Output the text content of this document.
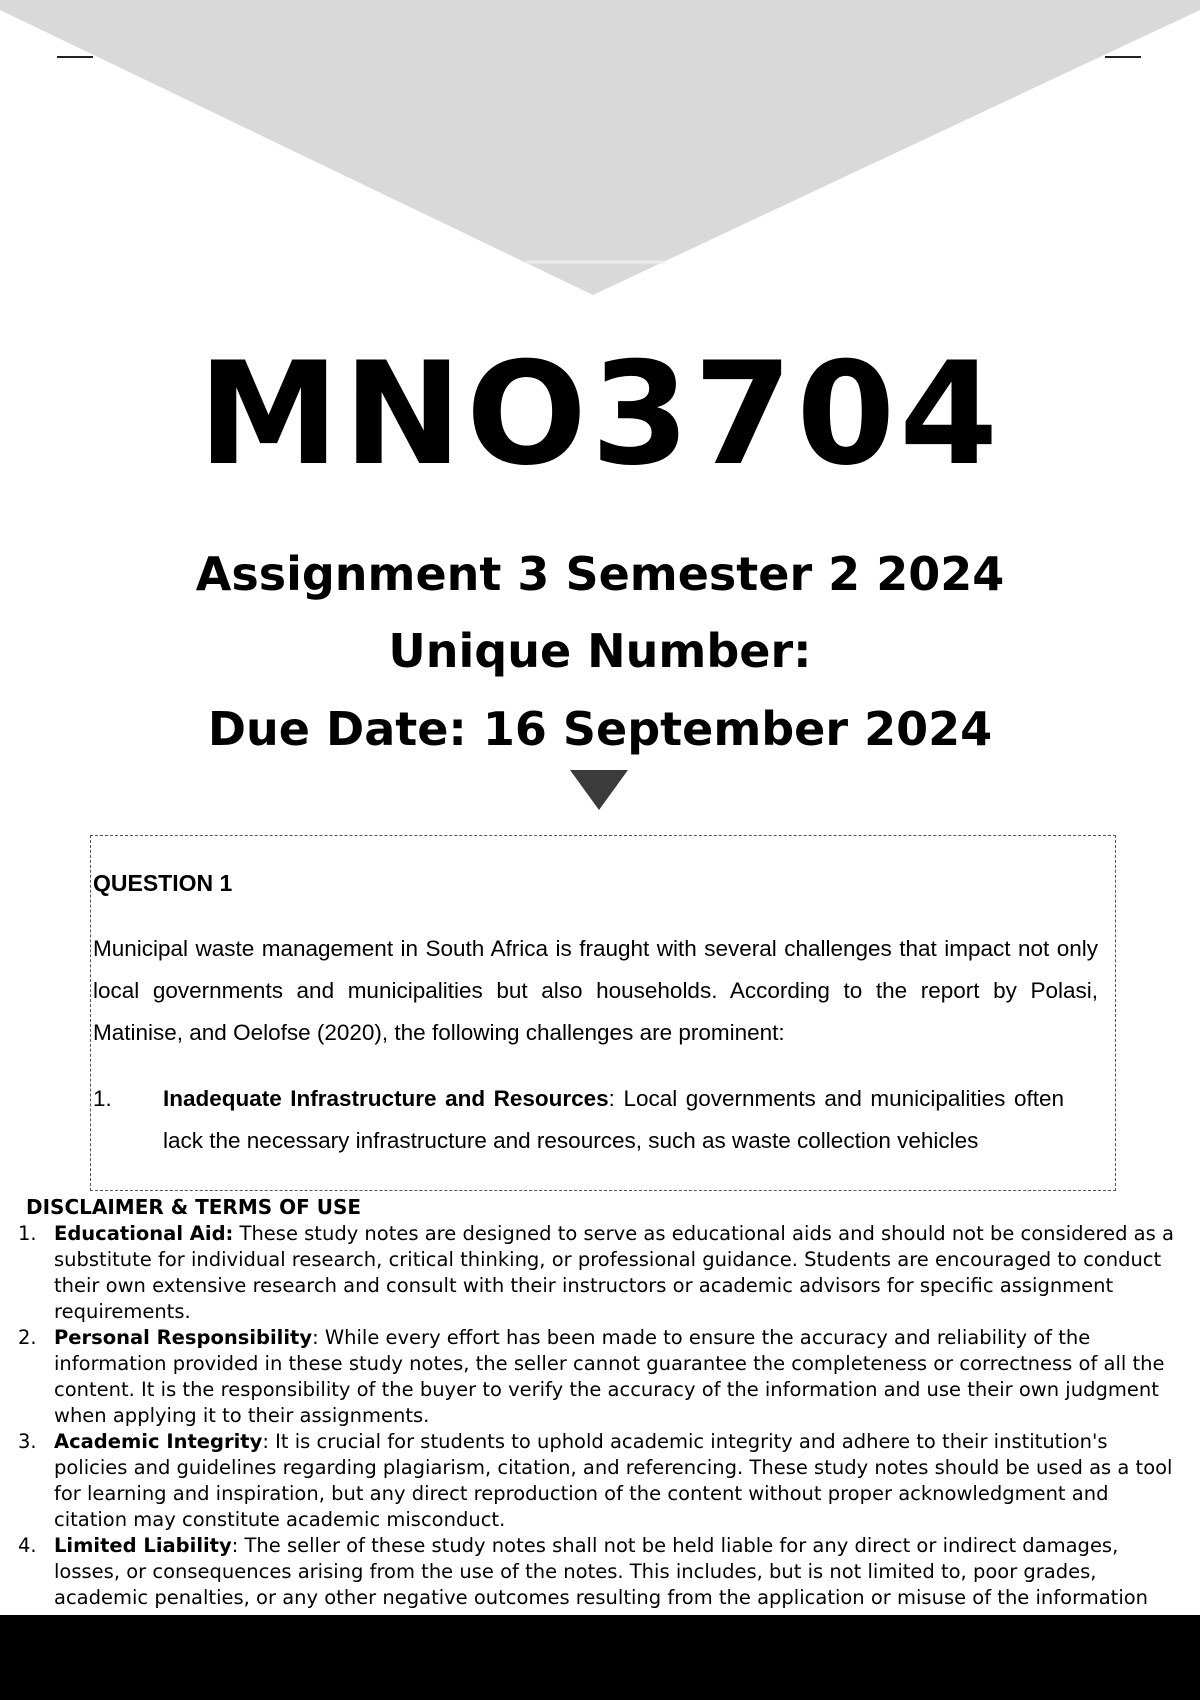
MNO3704
Assignment 3 Semester 2 2024
Unique Number:
Due Date: 16 September 2024

QUESTION 1

Municipal waste management in South Africa is fraught with several challenges that impact not only local governments and municipalities but also households. According to the report by Polasi, Matinise, and Oelofse (2020), the following challenges are prominent:

1.	Inadequate Infrastructure and Resources: Local governments and municipalities often lack the necessary infrastructure and resources, such as waste collection vehicles

DISCLAIMER & TERMS OF USE

1. Educational Aid: These study notes are designed to serve as educational aids and should not be considered as a substitute for individual research, critical thinking, or professional guidance. Students are encouraged to conduct their own extensive research and consult with their instructors or academic advisors for specific assignment requirements.
2. Personal Responsibility: While every effort has been made to ensure the accuracy and reliability of the information provided in these study notes, the seller cannot guarantee the completeness or correctness of all the content. It is the responsibility of the buyer to verify the accuracy of the information and use their own judgment when applying it to their assignments.
3. Academic Integrity: It is crucial for students to uphold academic integrity and adhere to their institution's policies and guidelines regarding plagiarism, citation, and referencing. These study notes should be used as a tool for learning and inspiration, but any direct reproduction of the content without proper acknowledgment and citation may constitute academic misconduct.
4. Limited Liability: The seller of these study notes shall not be held liable for any direct or indirect damages, losses, or consequences arising from the use of the notes. This includes, but is not limited to, poor grades, academic penalties, or any other negative outcomes resulting from the application or misuse of the information
